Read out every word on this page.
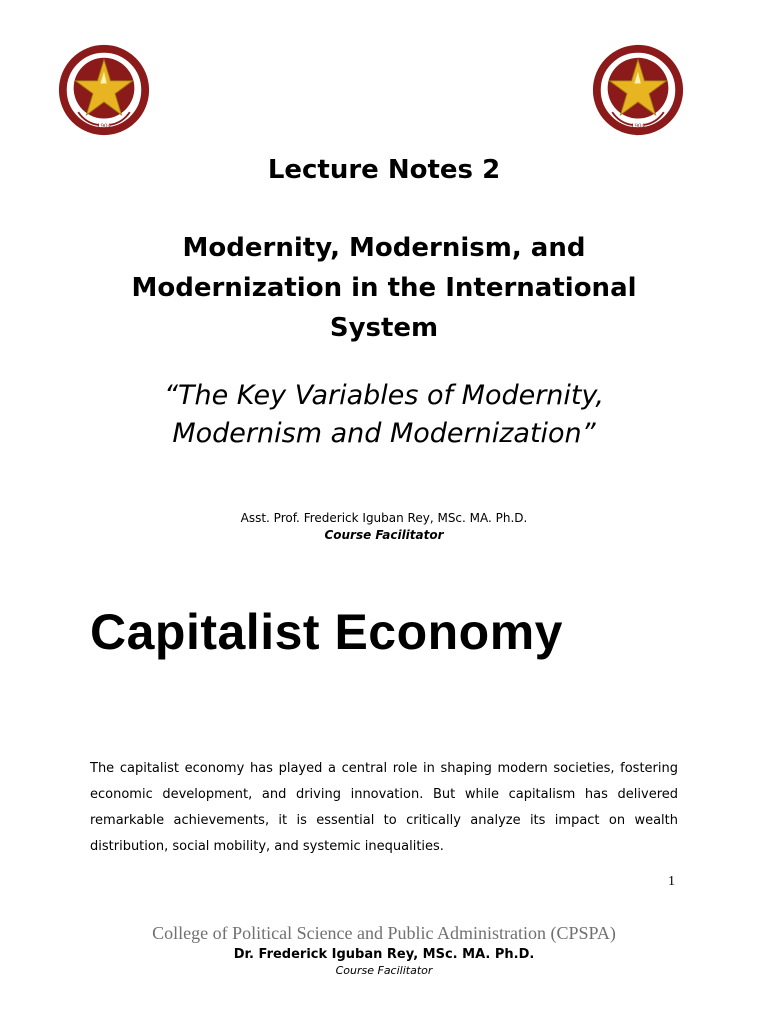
1904	1904
Lecture Notes 2
Modernity, Modernism, and
Modernization in the International
System
“The Key Variables of Modernity,
Modernism and Modernization”
Asst. Prof. Frederick Iguban Rey, MSc. MA. Ph.D.
Course Facilitator
Capitalist Economy
The capitalist economy has played a central role in shaping modern societies, fostering economic development, and driving innovation. But while capitalism has delivered remarkable achievements, it is essential to critically analyze its impact on wealth distribution, social mobility, and systemic inequalities.
1
College of Political Science and Public Administration (CPSPA)
Dr. Frederick Iguban Rey, MSc. MA. Ph.D.
Course Facilitator
